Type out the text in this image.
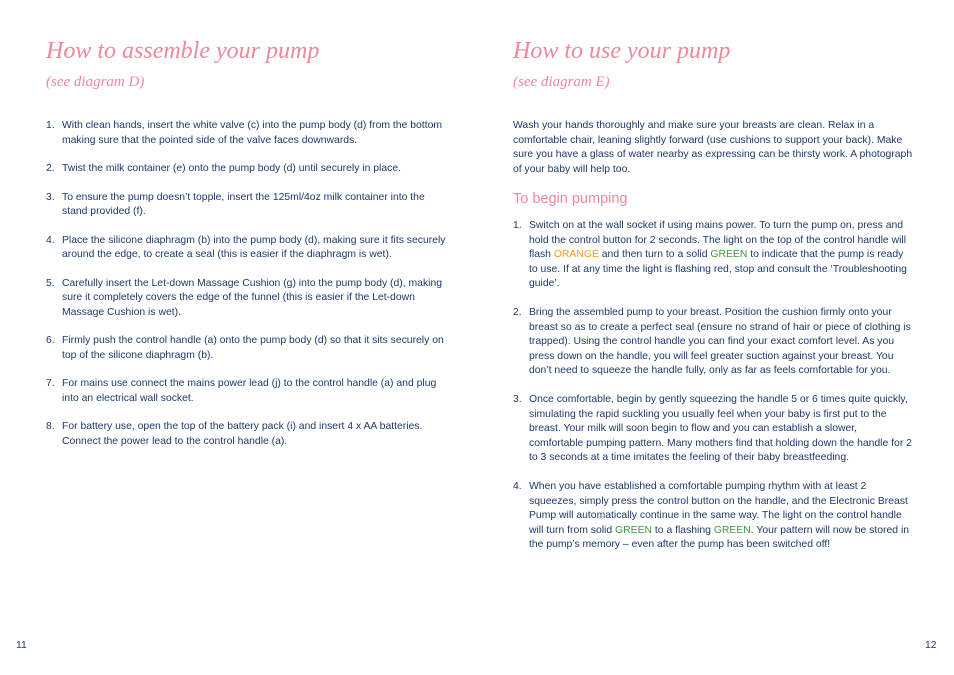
How to assemble your pump

(see diagram D)

1. With clean hands, insert the white valve (c) into the pump body (d) from the bottom making sure that the pointed side of the valve faces downwards.
2. Twist the milk container (e) onto the pump body (d) until securely in place.
3. To ensure the pump doesn’t topple, insert the 125ml/4oz milk container into the stand provided (f).
4. Place the silicone diaphragm (b) into the pump body (d), making sure it fits securely around the edge, to create a seal (this is easier if the diaphragm is wet).
5. Carefully insert the Let-down Massage Cushion (g) into the pump body (d), making sure it completely covers the edge of the funnel (this is easier if the Let-down Massage Cushion is wet).
6. Firmly push the control handle (a) onto the pump body (d) so that it sits securely on top of the silicone diaphragm (b).
7. For mains use connect the mains power lead (j) to the control handle (a) and plug into an electrical wall socket.
8. For battery use, open the top of the battery pack (i) and insert 4 x AA batteries. Connect the power lead to the control handle (a).
How to use your pump

(see diagram E)

Wash your hands thoroughly and make sure your breasts are clean. Relax in a comfortable chair, leaning slightly forward (use cushions to support your back). Make sure you have a glass of water nearby as expressing can be thirsty work. A photograph of your baby will help too.

To begin pumping
1. Switch on at the wall socket if using mains power. To turn the pump on, press and hold the control button for 2 seconds. The light on the top of the control handle will flash ORANGE and then turn to a solid GREEN to indicate that the pump is ready to use. If at any time the light is flashing red, stop and consult the ‘Troubleshooting guide’.
2. Bring the assembled pump to your breast. Position the cushion firmly onto your breast so as to create a perfect seal (ensure no strand of hair or piece of clothing is trapped). Using the control handle you can find your exact comfort level. As you press down on the handle, you will feel greater suction against your breast. You don’t need to squeeze the handle fully, only as far as feels comfortable for you.
3. Once comfortable, begin by gently squeezing the handle 5 or 6 times quite quickly, simulating the rapid suckling you usually feel when your baby is first put to the breast. Your milk will soon begin to flow and you can establish a slower, comfortable pumping pattern. Many mothers find that holding down the handle for 2 to 3 seconds at a time imitates the feeling of their baby breastfeeding.
4. When you have established a comfortable pumping rhythm with at least 2 squeezes, simply press the control button on the handle, and the Electronic Breast Pump will automatically continue in the same way. The light on the control handle will turn from solid GREEN to a flashing GREEN. Your pattern will now be stored in the pump’s memory – even after the pump has been switched off!
11	12
